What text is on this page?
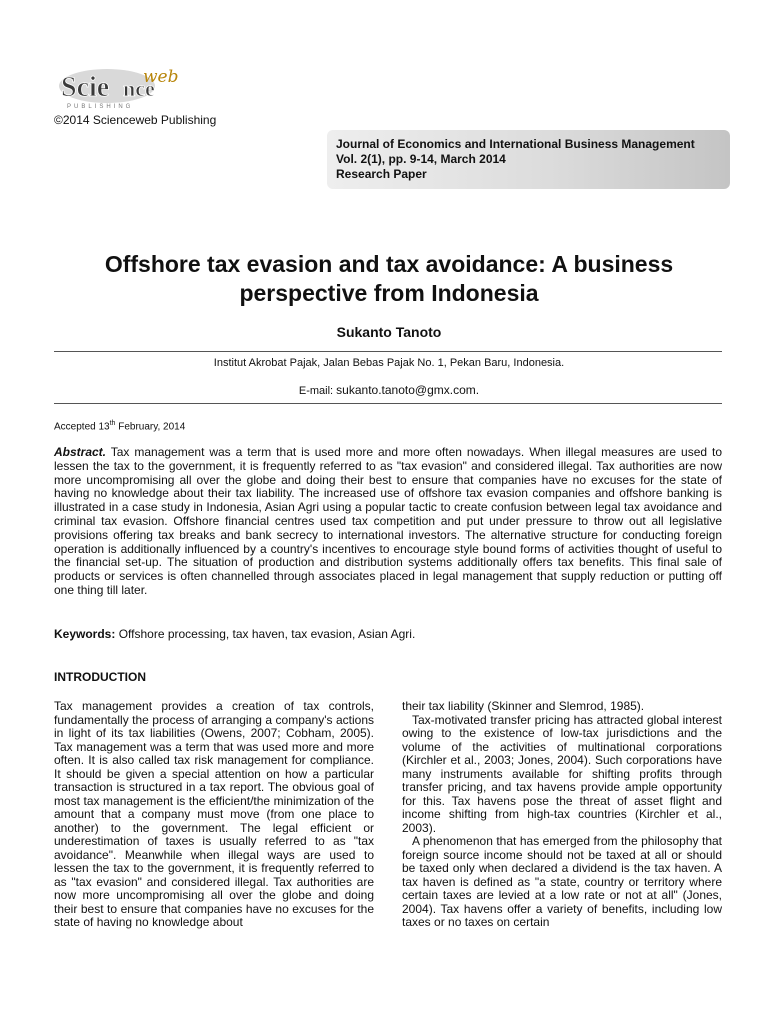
Scie nce
web
PUBLISHING
©2014 Scienceweb Publishing
Journal of Economics and International Business Management
Vol. 2(1), pp. 9-14, March 2014
Research Paper
Offshore tax evasion and tax avoidance: A business
perspective from Indonesia
Sukanto Tanoto
Institut Akrobat Pajak, Jalan Bebas Pajak No. 1, Pekan Baru, Indonesia.
E-mail: sukanto.tanoto@gmx.com.
Accepted 13th February, 2014
Abstract. Tax management was a term that is used more and more often nowadays. When illegal measures are used to lessen the tax to the government, it is frequently referred to as "tax evasion" and considered illegal. Tax authorities are now more uncompromising all over the globe and doing their best to ensure that companies have no excuses for the state of having no knowledge about their tax liability. The increased use of offshore tax evasion companies and offshore banking is illustrated in a case study in Indonesia, Asian Agri using a popular tactic to create confusion between legal tax avoidance and criminal tax evasion. Offshore financial centres used tax competition and put under pressure to throw out all legislative provisions offering tax breaks and bank secrecy to international investors. The alternative structure for conducting foreign operation is additionally influenced by a country's incentives to encourage style bound forms of activities thought of useful to the financial set-up. The situation of production and distribution systems additionally offers tax benefits. This final sale of products or services is often channelled through associates placed in legal management that supply reduction or putting off one thing till later.
Keywords: Offshore processing, tax haven, tax evasion, Asian Agri.
INTRODUCTION

Tax management provides a creation of tax controls, fundamentally the process of arranging a company's actions in light of its tax liabilities (Owens, 2007; Cobham, 2005). Tax management was a term that was used more and more often. It is also called tax risk management for compliance. It should be given a special attention on how a particular transaction is structured in a tax report. The obvious goal of most tax management is the efficient/the minimization of the amount that a company must move (from one place to another) to the government. The legal efficient or underestimation of taxes is usually referred to as "tax avoidance". Meanwhile when illegal ways are used to lessen the tax to the government, it is frequently referred to as "tax evasion" and considered illegal. Tax authorities are now more uncompromising all over the globe and doing their best to ensure that companies have no excuses for the state of having no knowledge about

their tax liability (Skinner and Slemrod, 1985).

Tax-motivated transfer pricing has attracted global interest owing to the existence of low-tax jurisdictions and the volume of the activities of multinational corporations (Kirchler et al., 2003; Jones, 2004). Such corporations have many instruments available for shifting profits through transfer pricing, and tax havens provide ample opportunity for this. Tax havens pose the threat of asset flight and income shifting from high-tax countries (Kirchler et al., 2003).

A phenomenon that has emerged from the philosophy that foreign source income should not be taxed at all or should be taxed only when declared a dividend is the tax haven. A tax haven is defined as "a state, country or territory where certain taxes are levied at a low rate or not at all" (Jones, 2004). Tax havens offer a variety of benefits, including low taxes or no taxes on certain
